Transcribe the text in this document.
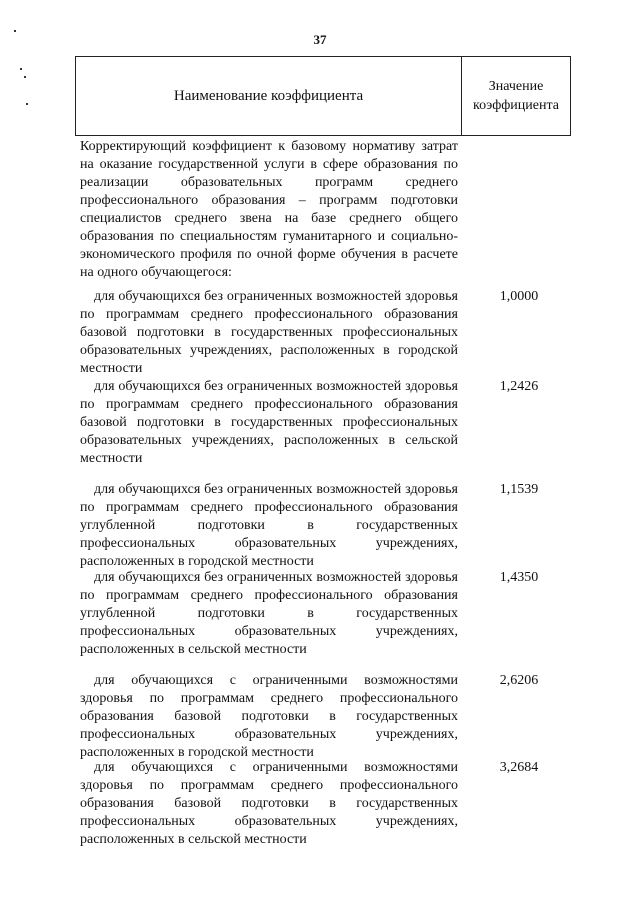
37
Наименование коэффициента
Значение
коэффициента
Корректирующий коэффициент к базовому нормативу затрат на оказание государственной услуги в сфере образования по реализации образовательных программ среднего профессионального образования – программ подготовки специалистов среднего звена на базе среднего общего образования по специальностям гуманитарного и социально-экономического профиля по очной форме обучения в расчете на одного обучающегося:
для обучающихся без ограниченных возможностей здоровья по программам среднего профессионального образования базовой подготовки в государственных профессиональных образовательных учреждениях, расположенных в городской местности
1,0000
для обучающихся без ограниченных возможностей здоровья по программам среднего профессионального образования базовой подготовки в государственных профессиональных образовательных учреждениях, расположенных в сельской местности
1,2426
для обучающихся без ограниченных возможностей здоровья по программам среднего профессионального образования углубленной подготовки в государственных профессиональных образовательных учреждениях, расположенных в городской местности
1,1539
для обучающихся без ограниченных возможностей здоровья по программам среднего профессионального образования углубленной подготовки в государственных профессиональных образовательных учреждениях, расположенных в сельской местности
1,4350
для обучающихся с ограниченными возможностями здоровья по программам среднего профессионального образования базовой подготовки в государственных профессиональных образовательных учреждениях, расположенных в городской местности
2,6206
для обучающихся с ограниченными возможностями здоровья по программам среднего профессионального образования базовой подготовки в государственных профессиональных образовательных учреждениях, расположенных в сельской местности
3,2684
